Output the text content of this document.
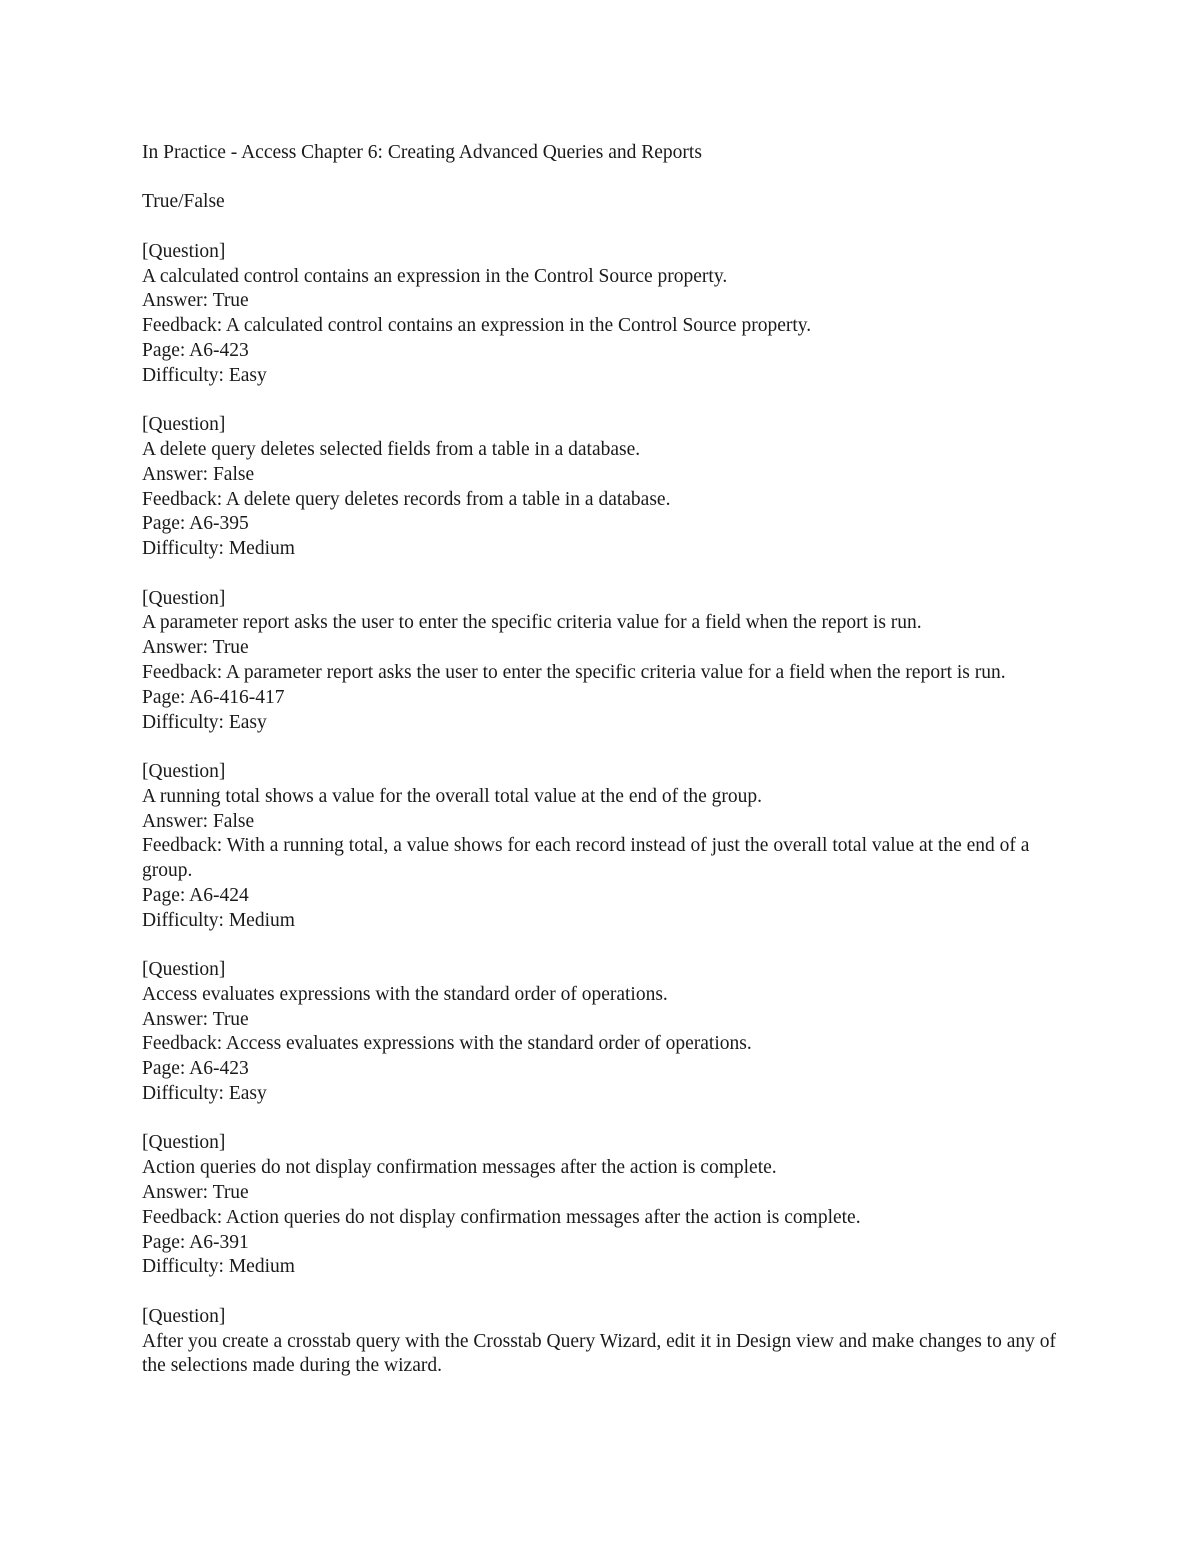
In Practice - Access Chapter 6: Creating Advanced Queries and Reports
True/False
[Question]
A calculated control contains an expression in the Control Source property.
Answer: True
Feedback: A calculated control contains an expression in the Control Source property.
Page: A6-423
Difficulty: Easy
[Question]
A delete query deletes selected fields from a table in a database.
Answer: False
Feedback: A delete query deletes records from a table in a database.
Page: A6-395
Difficulty: Medium
[Question]
A parameter report asks the user to enter the specific criteria value for a field when the report is run.
Answer: True
Feedback: A parameter report asks the user to enter the specific criteria value for a field when the report is run.
Page: A6-416-417
Difficulty: Easy
[Question]
A running total shows a value for the overall total value at the end of the group.
Answer: False
Feedback: With a running total, a value shows for each record instead of just the overall total value at the end of a group.
Page: A6-424
Difficulty: Medium
[Question]
Access evaluates expressions with the standard order of operations.
Answer: True
Feedback: Access evaluates expressions with the standard order of operations.
Page: A6-423
Difficulty: Easy
[Question]
Action queries do not display confirmation messages after the action is complete.
Answer: True
Feedback: Action queries do not display confirmation messages after the action is complete.
Page: A6-391
Difficulty: Medium
[Question]
After you create a crosstab query with the Crosstab Query Wizard, edit it in Design view and make changes to any of the selections made during the wizard.
